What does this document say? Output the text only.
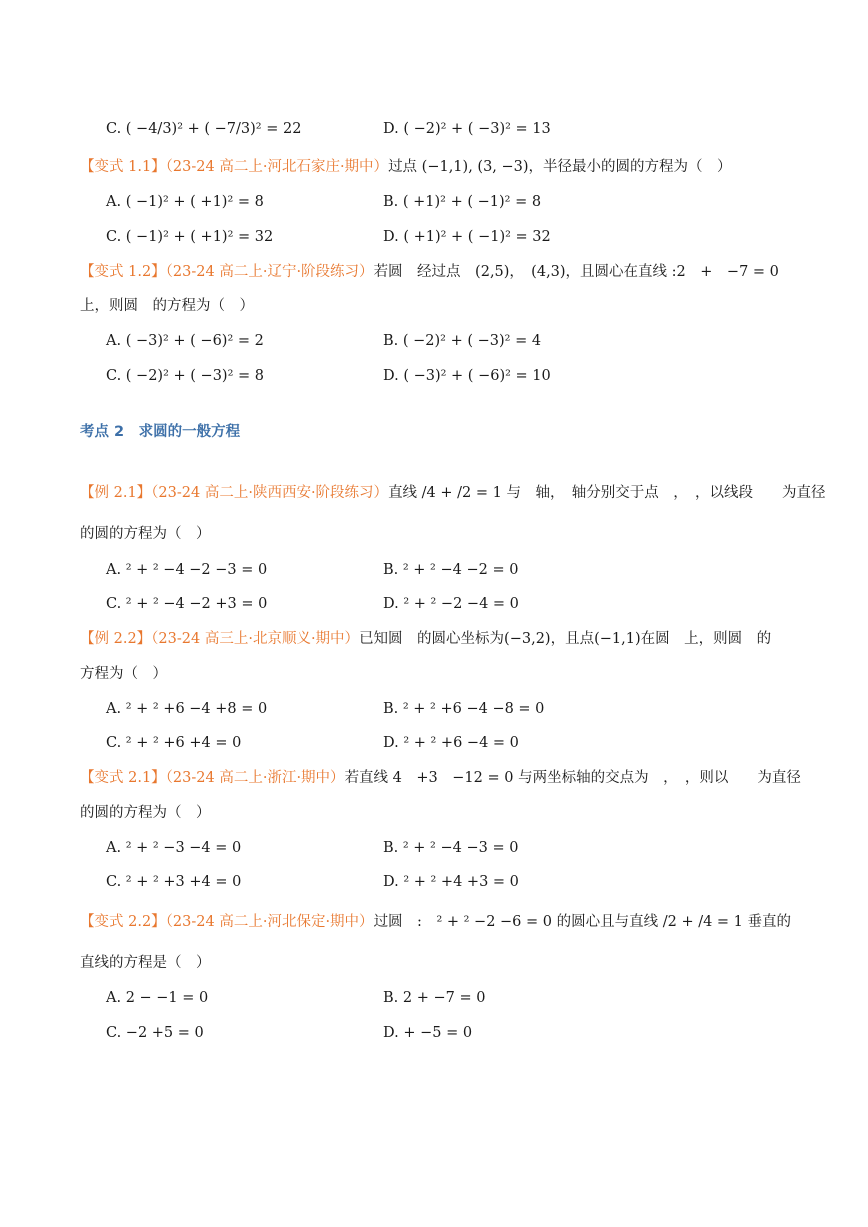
C. ( −4/3)² + ( −7/3)² = 22	D. ( −2)² + ( −3)² = 13
【变式 1.1】（23-24 高二上·河北石家庄·期中）过点 (−1,1), (3, −3)，半径最小的圆的方程为（　）
A. ( −1)² + ( +1)² = 8	B. ( +1)² + ( −1)² = 8
C. ( −1)² + ( +1)² = 32	D. ( +1)² + ( −1)² = 32
【变式 1.2】（23-24 高二上·辽宁·阶段练习）若圆　经过点　(2,5)，　(4,3)，且圆心在直线 :2　+　−7 = 0
上，则圆　的方程为（　）
A. ( −3)² + ( −6)² = 2	B. ( −2)² + ( −3)² = 4
C. ( −2)² + ( −3)² = 8	D. ( −3)² + ( −6)² = 10
考点 2　求圆的一般方程
【例 2.1】（23-24 高二上·陕西西安·阶段练习）直线 /4 + /2 = 1 与　轴，　轴分别交于点　，　，以线段　　为直径
的圆的方程为（　）
A. ² + ² −4 −2 −3 = 0	B. ² + ² −4 −2 = 0
C. ² + ² −4 −2 +3 = 0	D. ² + ² −2 −4 = 0
【例 2.2】（23-24 高三上·北京顺义·期中）已知圆　的圆心坐标为(−3,2)，且点(−1,1)在圆　上，则圆　的
方程为（　）
A. ² + ² +6 −4 +8 = 0	B. ² + ² +6 −4 −8 = 0
C. ² + ² +6 +4 = 0	D. ² + ² +6 −4 = 0
【变式 2.1】（23-24 高二上·浙江·期中）若直线 4　+3　−12 = 0 与两坐标轴的交点为　，　，则以　　为直径
的圆的方程为（　）
A. ² + ² −3 −4 = 0	B. ² + ² −4 −3 = 0
C. ² + ² +3 +4 = 0	D. ² + ² +4 +3 = 0
【变式 2.2】（23-24 高二上·河北保定·期中）过圆　:　² + ² −2 −6 = 0 的圆心且与直线 /2 + /4 = 1 垂直的
直线的方程是（　）
A. 2 − −1 = 0	B. 2 + −7 = 0
C. −2 +5 = 0	D. + −5 = 0
